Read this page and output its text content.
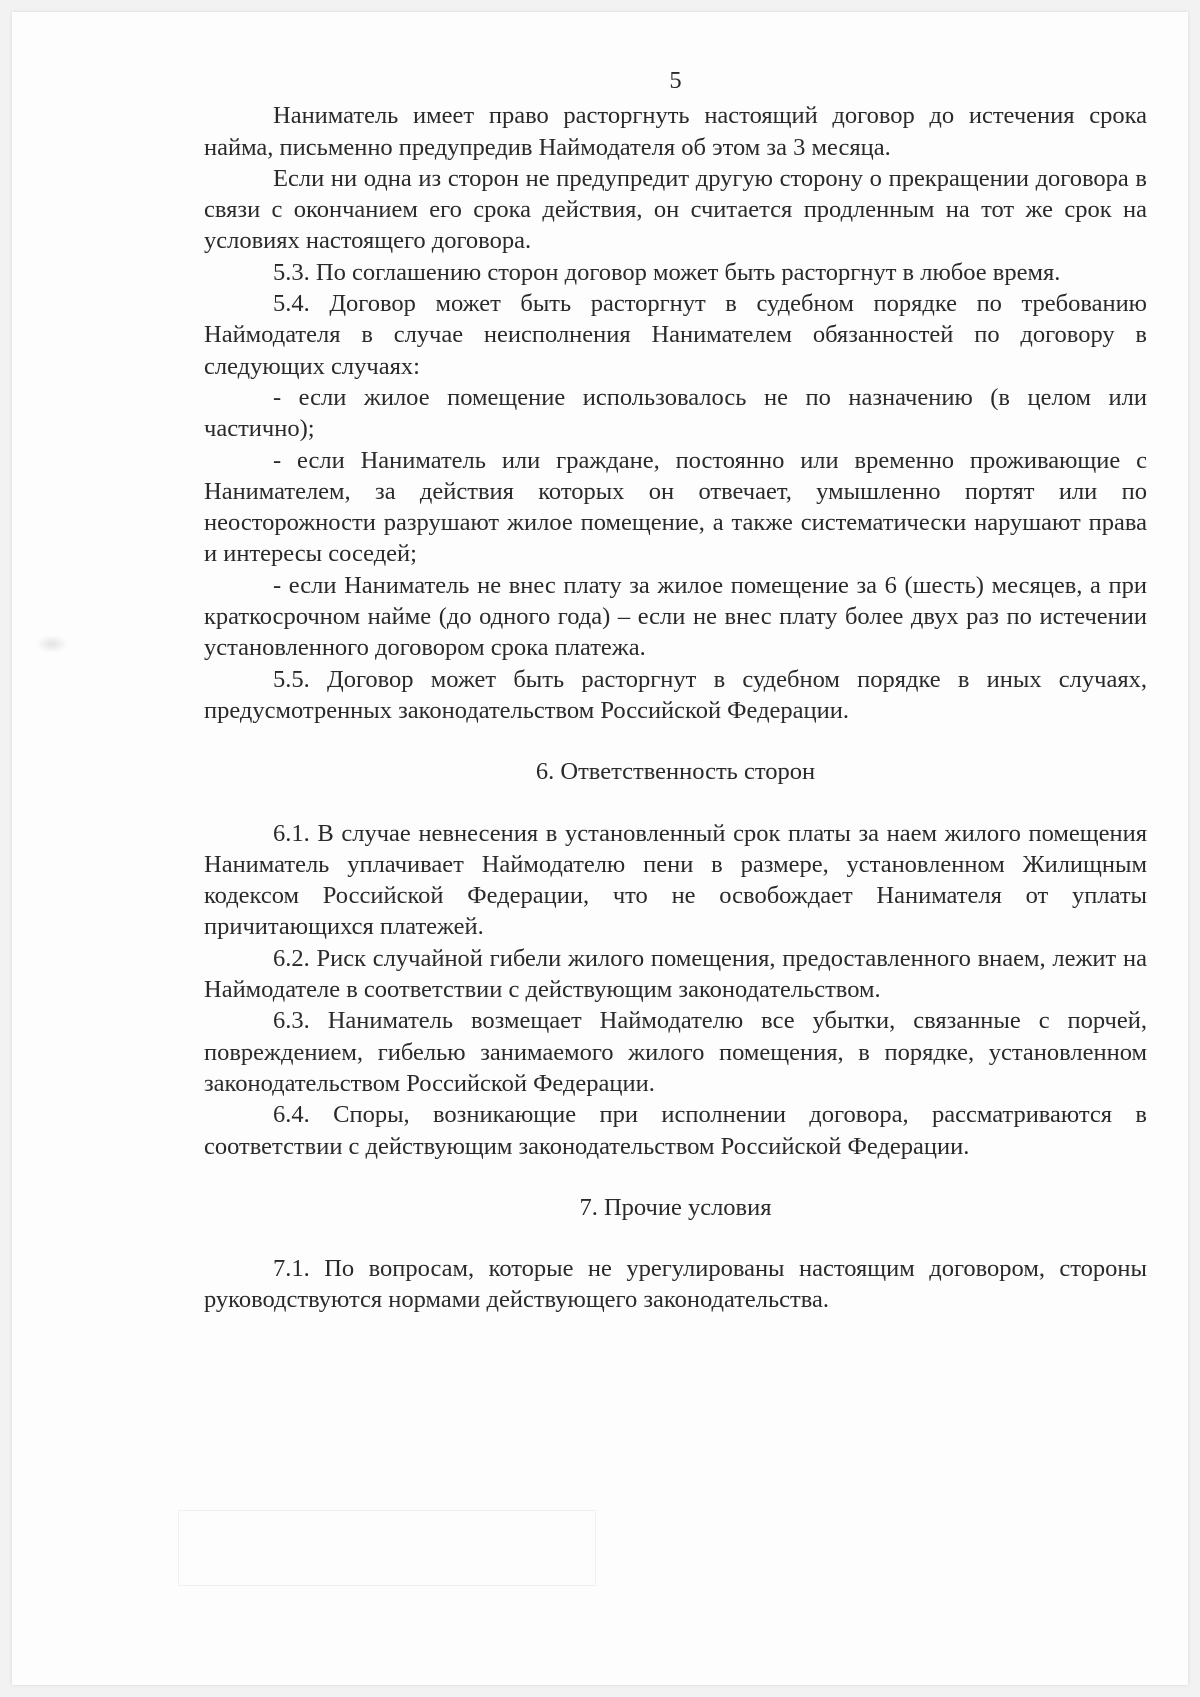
5

Наниматель имеет право расторгнуть настоящий договор до истечения срока найма, письменно предупредив Наймодателя об этом за 3 месяца.

Если ни одна из сторон не предупредит другую сторону о прекращении договора в связи с окончанием его срока действия, он считается продленным на тот же срок на условиях настоящего договора.

5.3. По соглашению сторон договор может быть расторгнут в любое время.

5.4. Договор может быть расторгнут в судебном порядке по требованию Наймодателя в случае неисполнения Нанимателем обязанностей по договору в следующих случаях:

- если жилое помещение использовалось не по назначению (в целом или частично);

- если Наниматель или граждане, постоянно или временно проживающие с Нанимателем, за действия которых он отвечает, умышленно портят или по неосторожности разрушают жилое помещение, а также систематически нарушают права и интересы соседей;

- если Наниматель не внес плату за жилое помещение за 6 (шесть) месяцев, а при краткосрочном найме (до одного года) – если не внес плату более двух раз по истечении установленного договором срока платежа.

5.5. Договор может быть расторгнут в судебном порядке в иных случаях, предусмотренных законодательством Российской Федерации.

6. Ответственность сторон

6.1. В случае невнесения в установленный срок платы за наем жилого помещения Наниматель уплачивает Наймодателю пени в размере, установленном Жилищным кодексом Российской Федерации, что не освобождает Нанимателя от уплаты причитающихся платежей.

6.2. Риск случайной гибели жилого помещения, предоставленного внаем, лежит на Наймодателе в соответствии с действующим законодательством.

6.3. Наниматель возмещает Наймодателю все убытки, связанные с порчей, повреждением, гибелью занимаемого жилого помещения, в порядке, установленном законодательством Российской Федерации.

6.4. Споры, возникающие при исполнении договора, рассматриваются в соответствии с действующим законодательством Российской Федерации.

7. Прочие условия

7.1. По вопросам, которые не урегулированы настоящим договором, стороны руководствуются нормами действующего законодательства.
